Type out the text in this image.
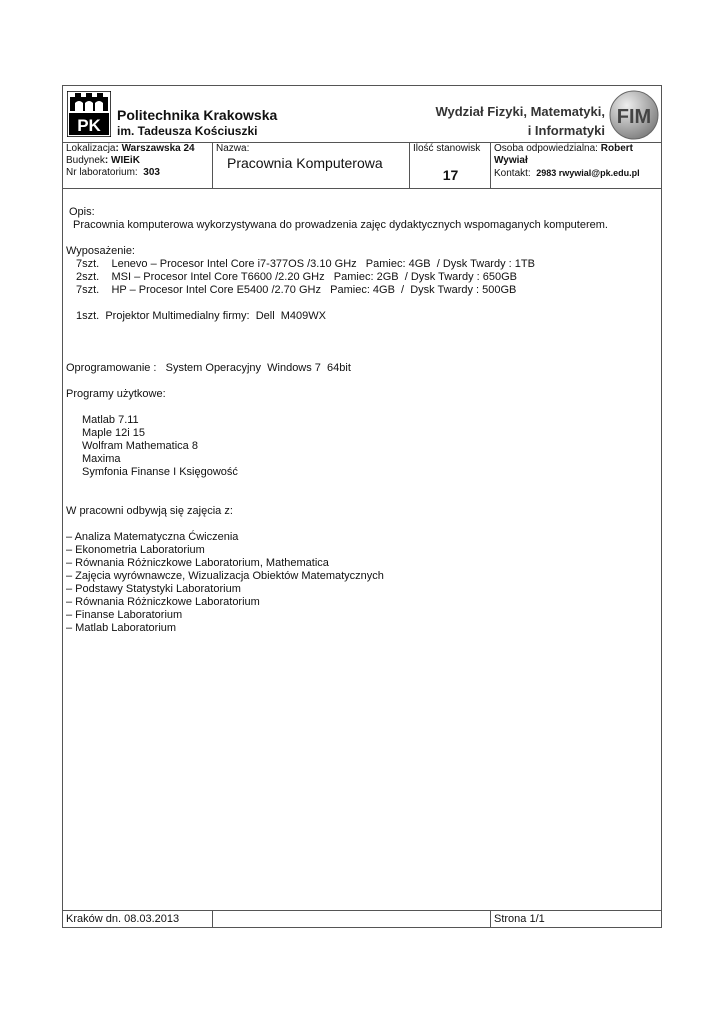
PK
Politechnika Krakowska
im. Tadeusza Kościuszki
Wydział Fizyki, Matematyki,
i Informatyki
FIM
Lokalizacja: Warszawska 24
Budynek: WIEiK
Nr laboratorium: 303
Nazwa:
Pracownia Komputerowa
Ilość stanowisk
17
Osoba odpowiedzialna: Robert
Wywiał
Kontakt: 2983 rwywial@pk.edu.pl
Opis:
Pracownia komputerowa wykorzystywana do prowadzenia zajęc dydaktycznych wspomaganych komputerem.
Wyposażenie:
7szt.    Lenevo – Procesor Intel Core i7-377OS /3.10 GHz   Pamiec: 4GB  / Dysk Twardy : 1TB
2szt.    MSI – Procesor Intel Core T6600 /2.20 GHz   Pamiec: 2GB  / Dysk Twardy : 650GB
7szt.    HP – Procesor Intel Core E5400 /2.70 GHz   Pamiec: 4GB  /  Dysk Twardy : 500GB
1szt.  Projektor Multimedialny firmy:  Dell  M409WX
Oprogramowanie :   System Operacyjny  Windows 7  64bit
Programy użytkowe:
Matlab 7.11
Maple 12i 15
Wolfram Mathematica 8
Maxima
Symfonia Finanse I Księgowość
W pracowni odbywją się zajęcia z:
– Analiza Matematyczna Ćwiczenia
– Ekonometria Laboratorium
– Równania Różniczkowe Laboratorium, Mathematica
– Zajęcia wyrównawcze, Wizualizacja Obiektów Matematycznych
– Podstawy Statystyki Laboratorium
– Równania Różniczkowe Laboratorium
– Finanse Laboratorium
– Matlab Laboratorium
Kraków dn. 08.03.2013	Strona 1/1
